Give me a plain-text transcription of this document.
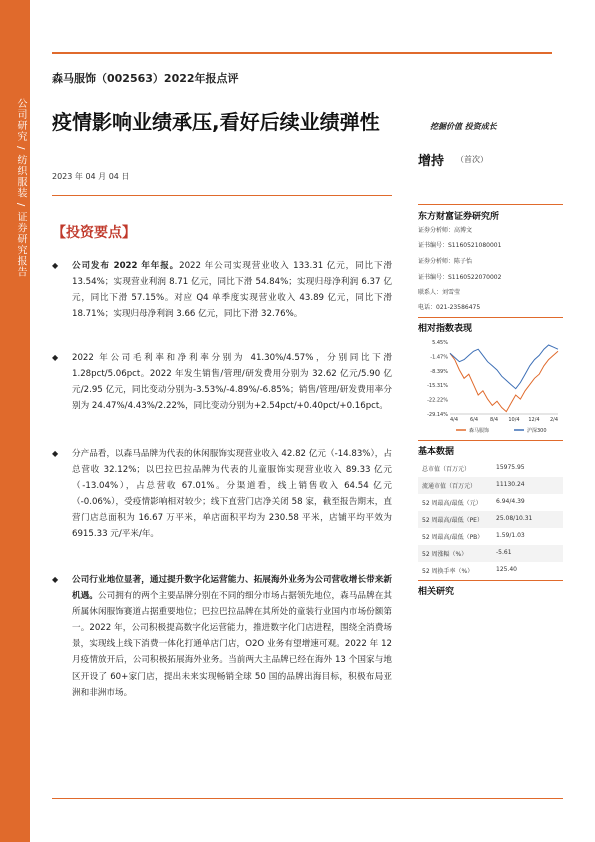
公司研究 / 纺织服装 / 证券研究报告
森马服饰（002563）2022年报点评
疫情影响业绩承压,看好后续业绩弹性	挖掘价值 投资成长
2023 年 04 月 04 日
增持 （首次）
【投资要点】
◆	公司发布 2022 年年报。2022 年公司实现营业收入 133.31 亿元，同比下滑 13.54%；实现营业利润 8.71 亿元，同比下滑 54.84%；实现归母净利润 6.37 亿元，同比下滑 57.15%。对应 Q4 单季度实现营业收入 43.89 亿元，同比下滑 18.71%；实现归母净利润 3.66 亿元，同比下滑 32.76%。
◆	2022 年公司毛利率和净利率分别为 41.30%/4.57%，分别同比下滑 1.28pct/5.06pct。2022 年发生销售/管理/研发费用分别为 32.62 亿元/5.90 亿元/2.95 亿元，同比变动分别为-3.53%/-4.89%/-6.85%；销售/管理/研发费用率分别为 24.47%/4.43%/2.22%，同比变动分别为+2.54pct/+0.40pct/+0.16pct。
◆	分产品看，以森马品牌为代表的休闲服饰实现营业收入 42.82 亿元（-14.83%），占总营收 32.12%；以巴拉巴拉品牌为代表的儿童服饰实现营业收入 89.33 亿元（-13.04%），占总营收 67.01%。分渠道看，线上销售收入 64.54 亿元（-0.06%），受疫情影响相对较少；线下直营门店净关闭 58 家，截至报告期末，直营门店总面积为 16.67 万平米，单店面积平均为 230.58 平米，店铺平均平效为 6915.33 元/平米/年。
◆	公司行业地位显著，通过提升数字化运营能力、拓展海外业务为公司营收增长带来新机遇。公司拥有的两个主要品牌分别在不同的细分市场占据领先地位，森马品牌在其所属休闲服饰赛道占据重要地位；巴拉巴拉品牌在其所处的童装行业国内市场份额第一。2022 年，公司积极提高数字化运营能力，推进数字化门店进程，围绕全消费场景，实现线上线下消费一体化打通单店门店，O2O 业务有望增速可观。2022 年 12 月疫情放开后，公司积极拓展海外业务。当前两大主品牌已经在海外 13 个国家与地区开设了 60+家门店，提出未来实现畅销全球 50 国的品牌出海目标，积极布局亚洲和非洲市场。
东方财富证券研究所
证券分析师：高博文
证书编号：S1160521080001
证券分析师：陈子怡
证书编号：S1160522070002
联系人：刘雪莹
电话：021-23586475
相对指数表现
5.45%
-1.47%
-8.39%
-15.31%
-22.22%
-29.14%
4/4 6/4 8/4 10/4 12/4 2/4
森马服饰	沪深300
基本数据
总市值（百万元）	15975.95
流通市值（百万元）	11130.24
52 周最高/最低（元） 6.94/4.39
52 周最高/最低（PE） 25.08/10.31
52 周最高/最低（PB） 1.59/1.03
52 周涨幅（%）	-5.61
52 周换手率（%）	125.40
相关研究
